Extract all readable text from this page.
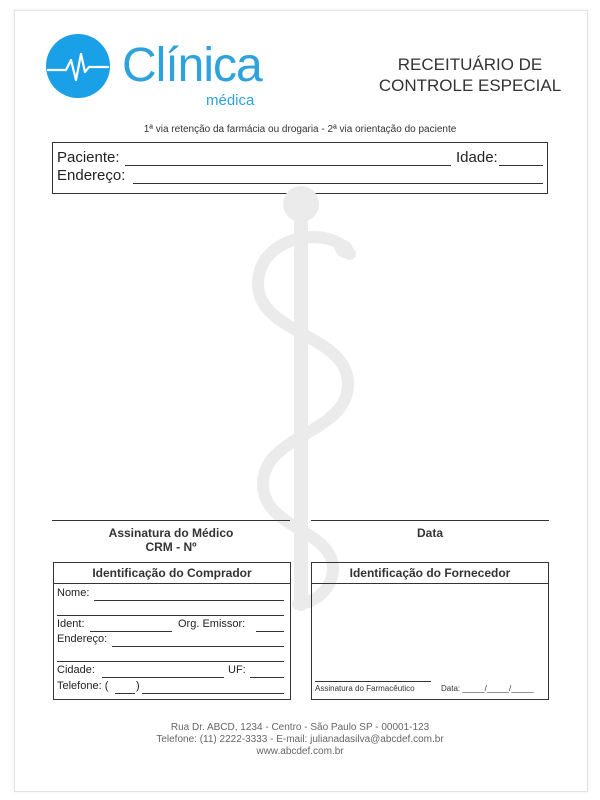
Clínica
médica
RECEITUÁRIO DE
CONTROLE ESPECIAL
1ª via retenção da farmácia ou drogaria - 2ª via orientação do paciente
Paciente:	Idade:
Endereço:
Assinatura do Médico
CRM - Nº
Data
Identificação do Comprador
Nome:
Ident:	Org. Emissor:
Endereço:
Cidade:	UF:
Telefone: (	)
Identificação do Fornecedor
Assinatura do Farmacêutico	Data: _____/_____/_____
Rua Dr. ABCD, 1234 - Centro - São Paulo SP - 00001-123
Telefone: (11) 2222-3333 - E-mail: julianadasilva@abcdef.com.br
www.abcdef.com.br
